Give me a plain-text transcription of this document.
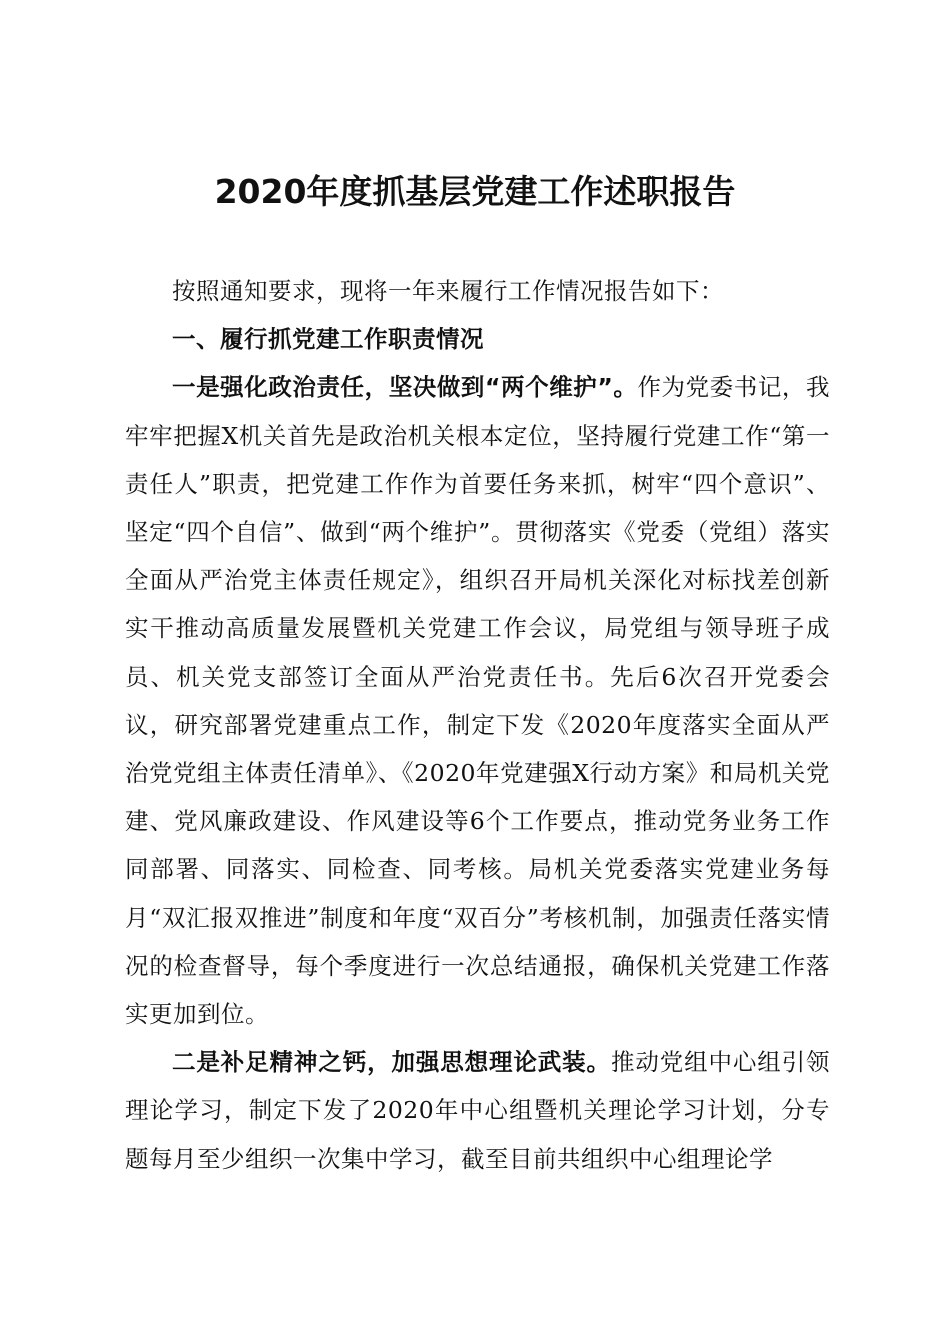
2020年度抓基层党建工作述职报告

按照通知要求，现将一年来履行工作情况报告如下：

一、履行抓党建工作职责情况

一是强化政治责任，坚决做到“两个维护”。作为党委书记，我牢牢把握X机关首先是政治机关根本定位，坚持履行党建工作“第一责任人”职责，把党建工作作为首要任务来抓，树牢“四个意识”、坚定“四个自信”、做到“两个维护”。贯彻落实《党委（党组）落实全面从严治党主体责任规定》，组织召开局机关深化对标找差创新实干推动高质量发展暨机关党建工作会议，局党组与领导班子成员、机关党支部签订全面从严治党责任书。先后6次召开党委会议，研究部署党建重点工作，制定下发《2020年度落实全面从严治党党组主体责任清单》、《2020年党建强X行动方案》和局机关党建、党风廉政建设、作风建设等6个工作要点，推动党务业务工作同部署、同落实、同检查、同考核。局机关党委落实党建业务每月“双汇报双推进”制度和年度“双百分”考核机制，加强责任落实情况的检查督导，每个季度进行一次总结通报，确保机关党建工作落实更加到位。

二是补足精神之钙，加强思想理论武装。推动党组中心组引领理论学习，制定下发了2020年中心组暨机关理论学习计划，分专题每月至少组织一次集中学习，截至目前共组织中心组理论学
